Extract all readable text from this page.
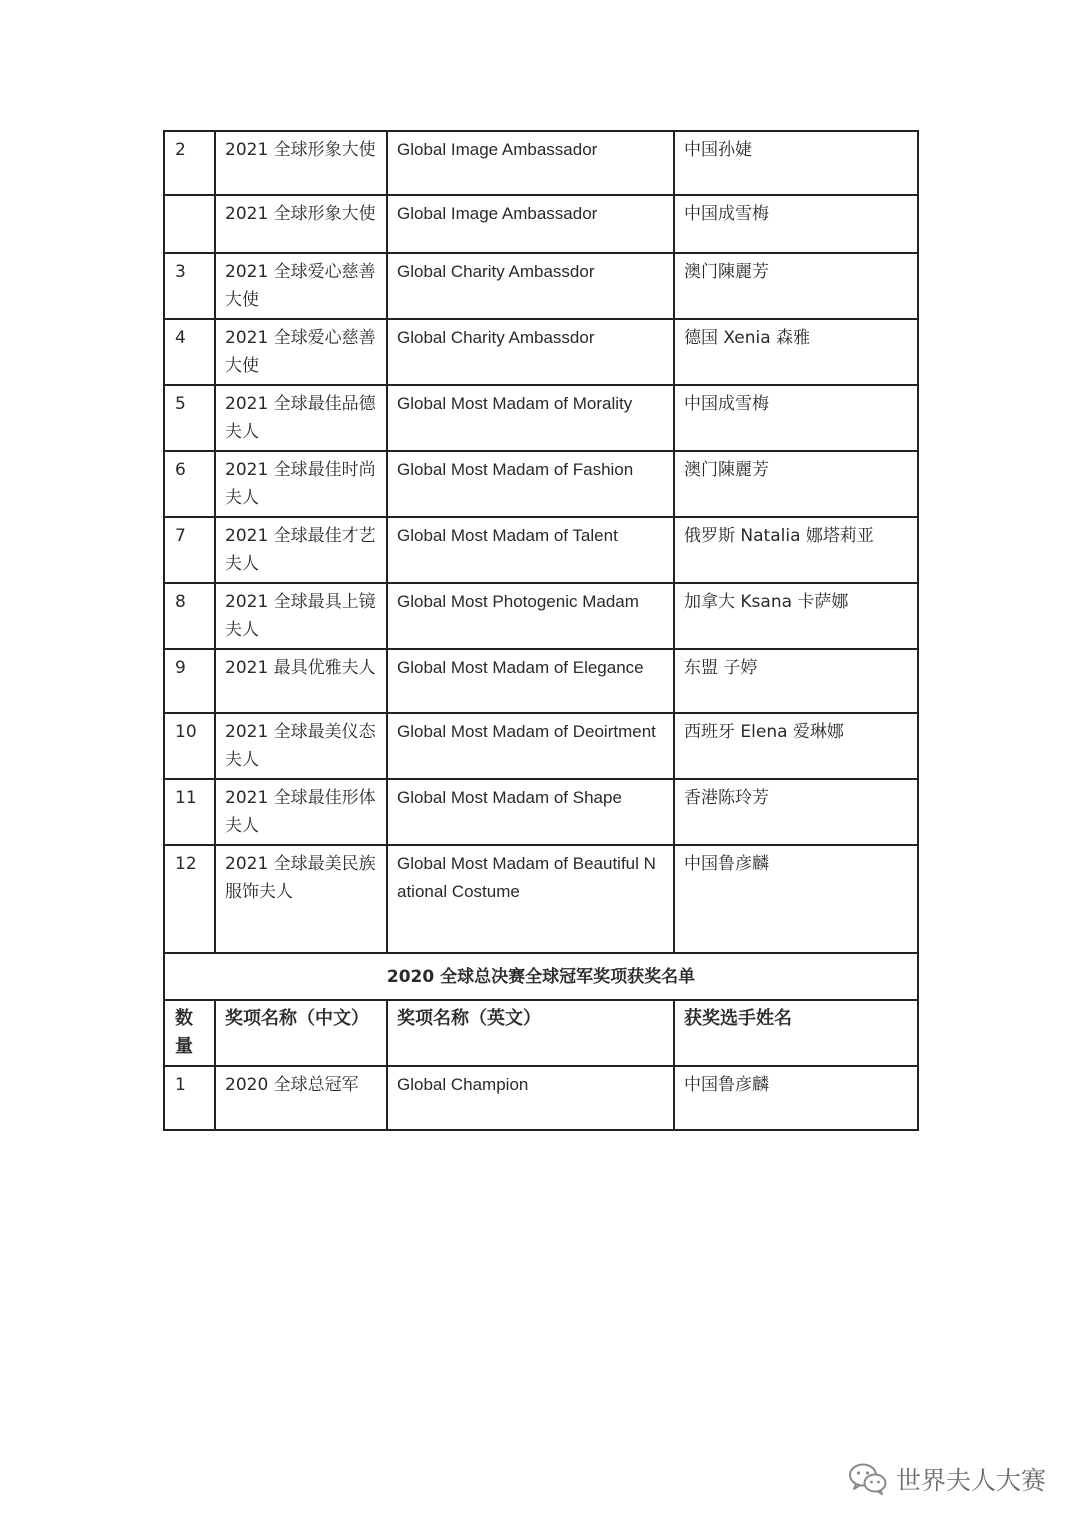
2	2021 全球形象大使	Global Image Ambassador	中国孙婕
	2021 全球形象大使	Global Image Ambassador	中国成雪梅
3	2021 全球爱心慈善大使	Global Charity Ambassdor	澳门陳麗芳
4	2021 全球爱心慈善大使	Global Charity Ambassdor	德国 Xenia 森雅
5	2021 全球最佳品德夫人	Global Most Madam of Morality	中国成雪梅
6	2021 全球最佳时尚夫人	Global Most Madam of Fashion	澳门陳麗芳
7	2021 全球最佳才艺夫人	Global Most Madam of Talent	俄罗斯 Natalia 娜塔莉亚
8	2021 全球最具上镜夫人	Global Most Photogenic Madam	加拿大 Ksana 卡萨娜
9	2021 最具优雅夫人	Global Most Madam of Elegance	东盟 子婷
10	2021 全球最美仪态夫人	Global Most Madam of Deoirtment	西班牙 Elena 爱琳娜
11	2021 全球最佳形体夫人	Global Most Madam of Shape	香港陈玲芳
12	2021 全球最美民族服饰夫人	Global Most Madam of Beautiful National Costume	中国鲁彦麟
2020 全球总决赛全球冠军奖项获奖名单			
数量	奖项名称（中文）	奖项名称（英文）	获奖选手姓名
1	2020 全球总冠军	Global Champion	中国鲁彦麟
世界夫人大赛
